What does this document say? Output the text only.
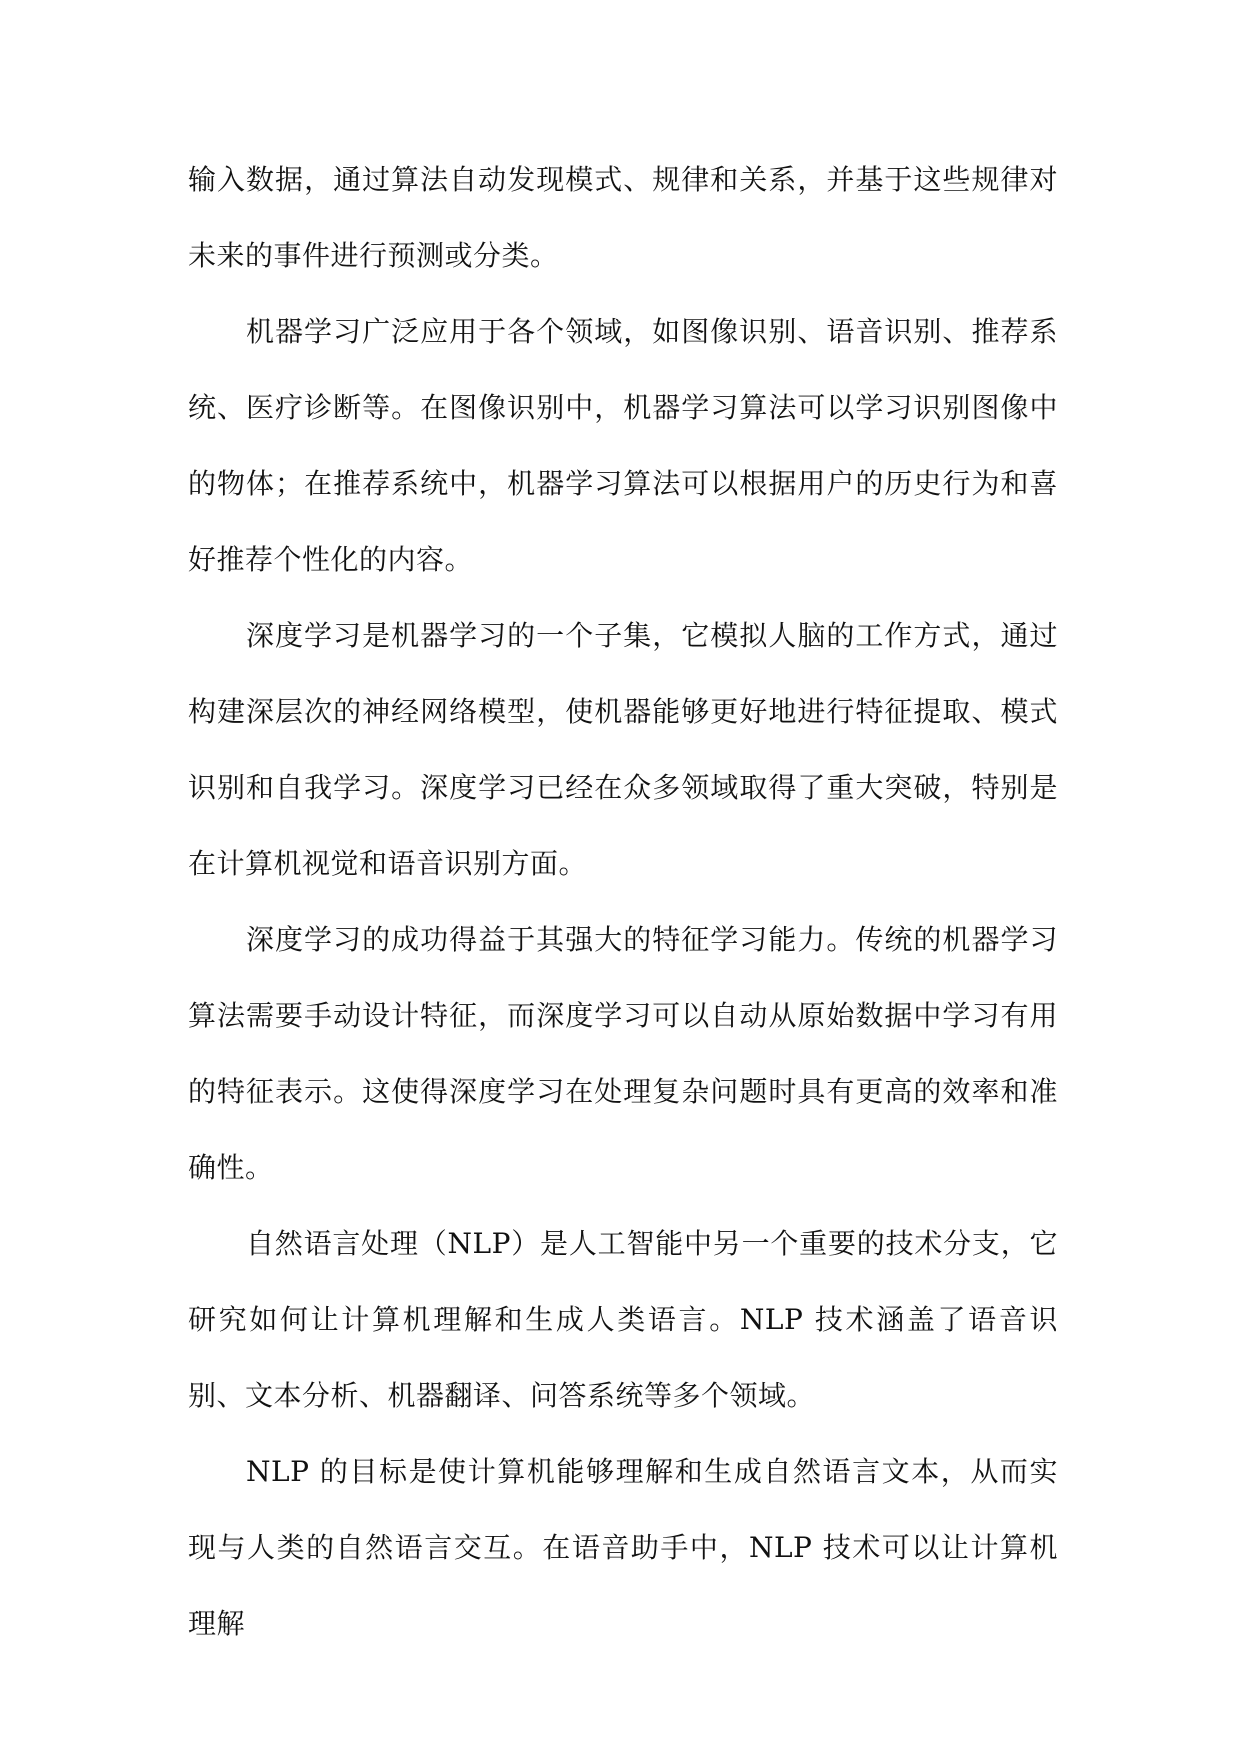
输入数据，通过算法自动发现模式、规律和关系，并基于这些规律对未来的事件进行预测或分类。

机器学习广泛应用于各个领域，如图像识别、语音识别、推荐系统、医疗诊断等。在图像识别中，机器学习算法可以学习识别图像中的物体；在推荐系统中，机器学习算法可以根据用户的历史行为和喜好推荐个性化的内容。

深度学习是机器学习的一个子集，它模拟人脑的工作方式，通过构建深层次的神经网络模型，使机器能够更好地进行特征提取、模式识别和自我学习。深度学习已经在众多领域取得了重大突破，特别是在计算机视觉和语音识别方面。

深度学习的成功得益于其强大的特征学习能力。传统的机器学习算法需要手动设计特征，而深度学习可以自动从原始数据中学习有用的特征表示。这使得深度学习在处理复杂问题时具有更高的效率和准确性。

自然语言处理（NLP）是人工智能中另一个重要的技术分支，它研究如何让计算机理解和生成人类语言。NLP 技术涵盖了语音识别、文本分析、机器翻译、问答系统等多个领域。

NLP 的目标是使计算机能够理解和生成自然语言文本，从而实现与人类的自然语言交互。在语音助手中，NLP 技术可以让计算机理解
